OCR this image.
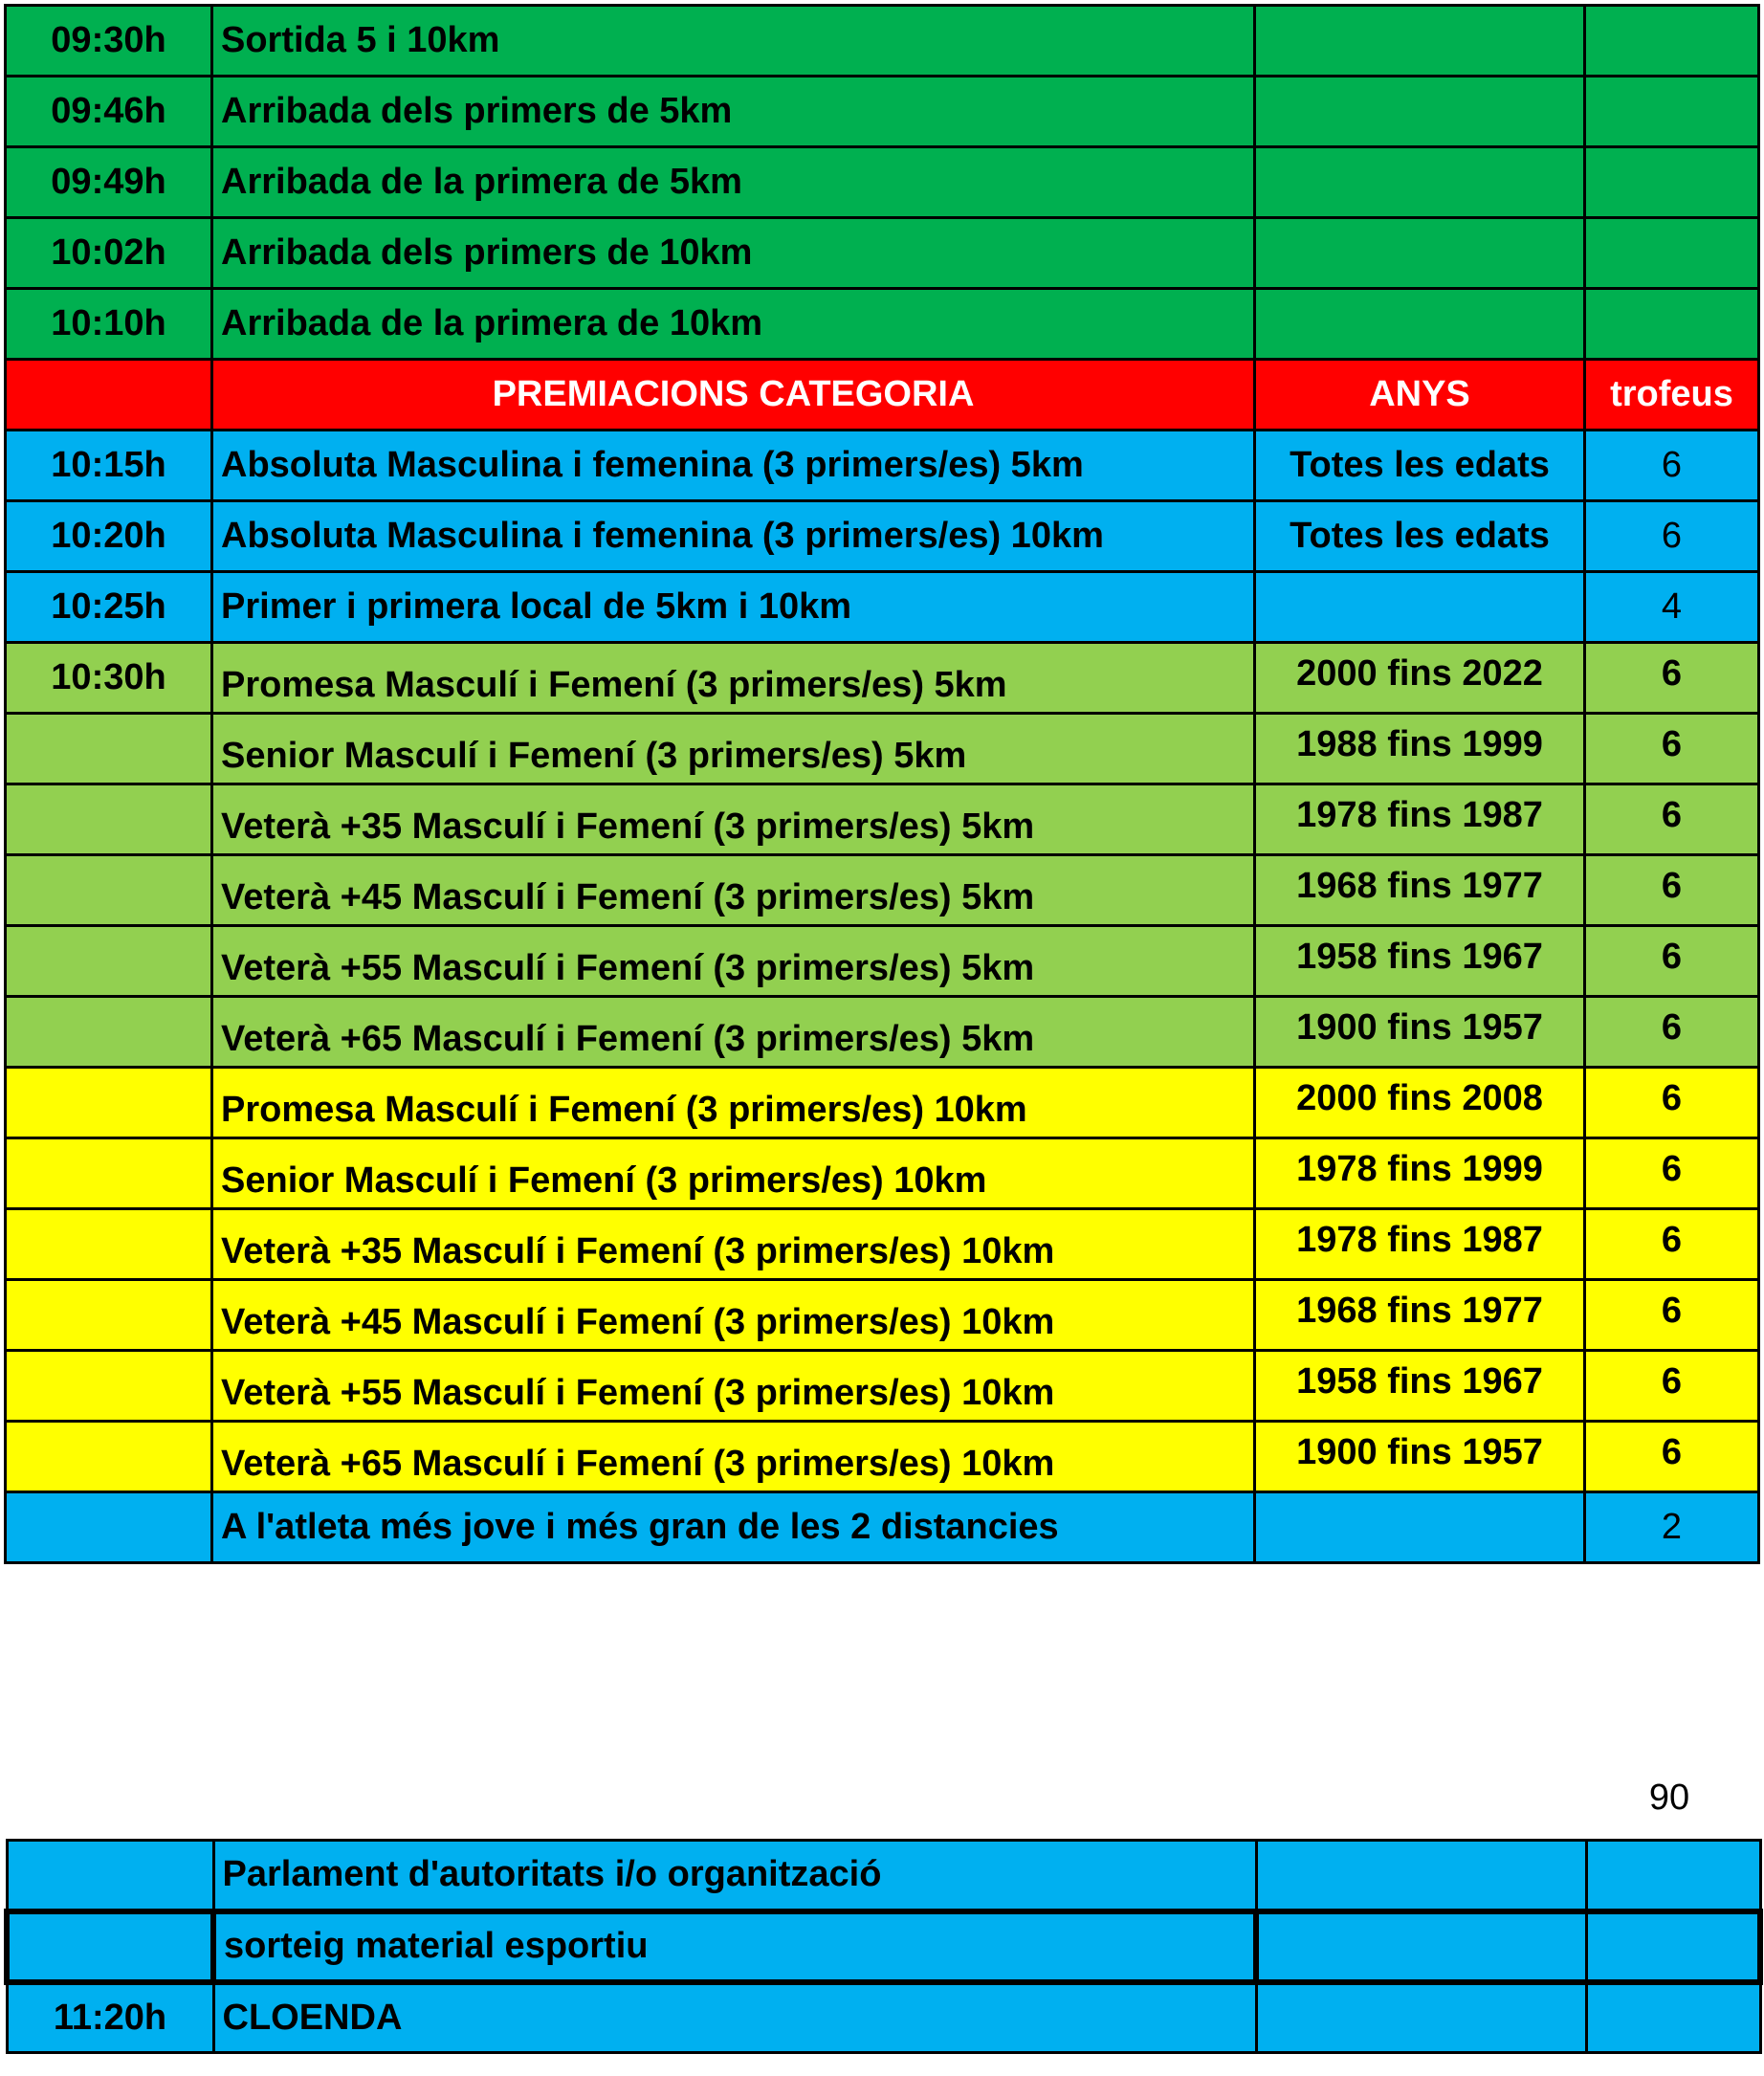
09:30h	Sortida 5 i 10km		
09:46h	Arribada dels primers de 5km		
09:49h	Arribada de la primera de 5km		
10:02h	Arribada dels primers de 10km		
10:10h	Arribada de la primera de 10km		
	PREMIACIONS CATEGORIA	ANYS	trofeus
10:15h	Absoluta Masculina i femenina (3 primers/es) 5km	Totes les edats	6
10:20h	Absoluta Masculina i femenina (3 primers/es) 10km	Totes les edats	6
10:25h	Primer i primera local de 5km i 10km		4
10:30h	Promesa Masculí i Femení (3 primers/es) 5km	2000 fins 2022	6
	Senior Masculí i Femení (3 primers/es) 5km	1988 fins 1999	6
	Veterà +35 Masculí i Femení (3 primers/es) 5km	1978 fins 1987	6
	Veterà +45 Masculí i Femení (3 primers/es) 5km	1968 fins 1977	6
	Veterà +55 Masculí i Femení (3 primers/es) 5km	1958 fins 1967	6
	Veterà +65 Masculí i Femení (3 primers/es) 5km	1900 fins 1957	6
	Promesa Masculí i Femení (3 primers/es) 10km	2000 fins 2008	6
	Senior Masculí i Femení (3 primers/es) 10km	1978 fins 1999	6
	Veterà +35 Masculí i Femení (3 primers/es) 10km	1978 fins 1987	6
	Veterà +45 Masculí i Femení (3 primers/es) 10km	1968 fins 1977	6
	Veterà +55 Masculí i Femení (3 primers/es) 10km	1958 fins 1967	6
	Veterà +65 Masculí i Femení (3 primers/es) 10km	1900 fins 1957	6
	A l'atleta més jove i més gran de les 2 distancies		2
90
	Parlament d'autoritats i/o organització		
	sorteig material esportiu		
11:20h	CLOENDA		
